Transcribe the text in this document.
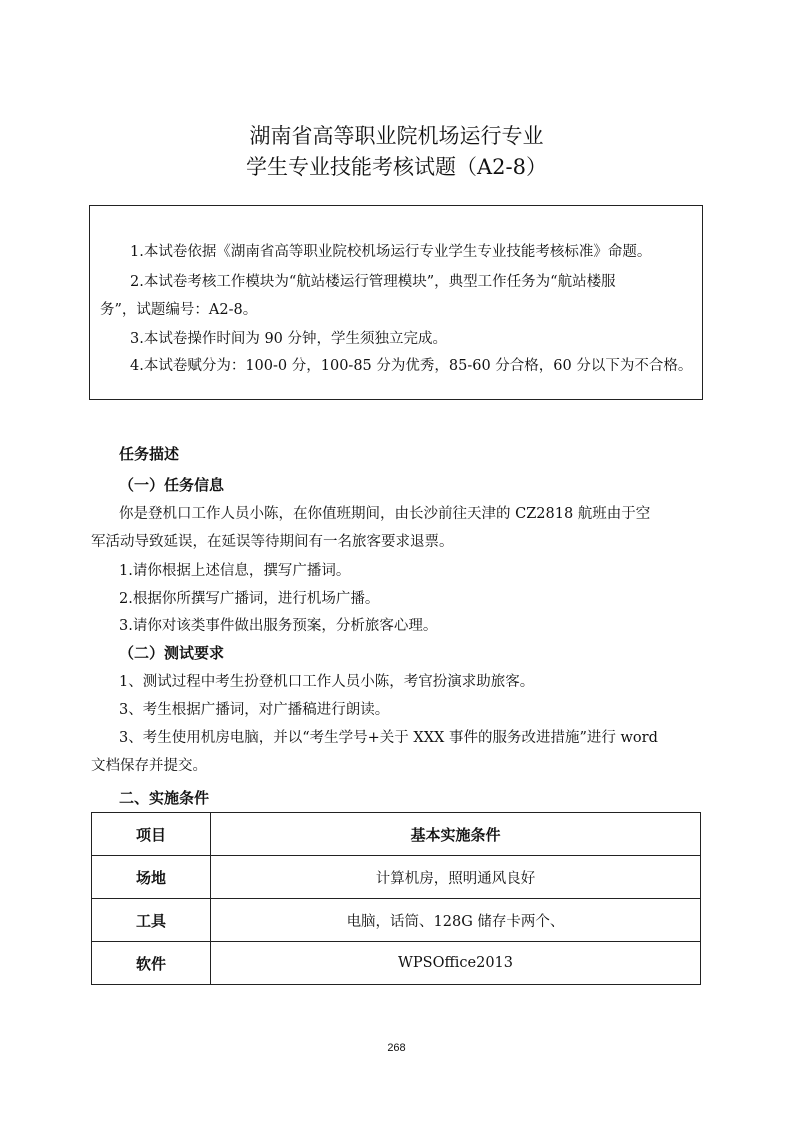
湖南省高等职业院机场运行专业
学生专业技能考核试题（A2-8）

1.本试卷依据《湖南省高等职业院校机场运行专业学生专业技能考核标准》命题。

2.本试卷考核工作模块为“航站楼运行管理模块”，典型工作任务为“航站楼服

务”，试题编号：A2-8。

3.本试卷操作时间为 90 分钟，学生须独立完成。

4.本试卷赋分为：100-0 分，100-85 分为优秀，85-60 分合格，60 分以下为不合格。

任务描述

（一）任务信息

你是登机口工作人员小陈，在你值班期间，由长沙前往天津的 CZ2818 航班由于空

军活动导致延误，在延误等待期间有一名旅客要求退票。

1.请你根据上述信息，撰写广播词。

2.根据你所撰写广播词，进行机场广播。

3.请你对该类事件做出服务预案，分析旅客心理。

（二）测试要求

1、测试过程中考生扮登机口工作人员小陈，考官扮演求助旅客。

3、考生根据广播词，对广播稿进行朗读。

3、考生使用机房电脑，并以“考生学号+关于 XXX 事件的服务改进措施”进行 word

文档保存并提交。

二、实施条件

项目	基本实施条件
场地	计算机房，照明通风良好
工具	电脑，话筒、128G 储存卡两个、
软件	WPSOffice2013
268
